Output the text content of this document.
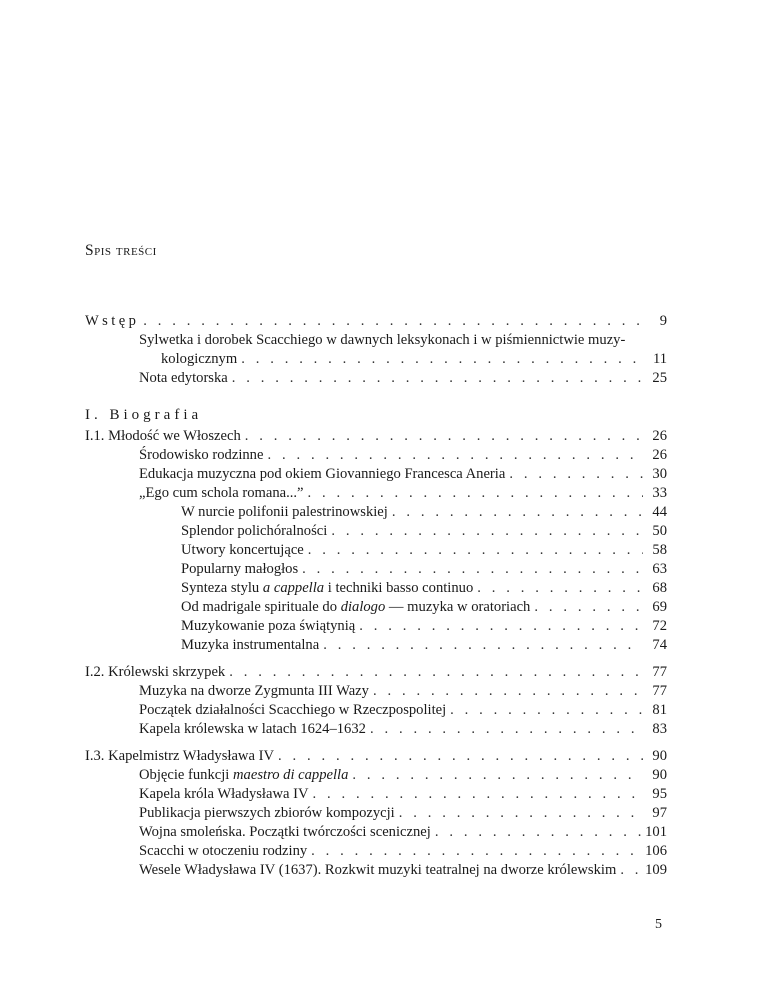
Spis treści
Wstęp . . .	9
Sylwetka i dorobek Scacchiego w dawnych leksykonach i w piśmiennictwie muzy-
kologicznym . . .	11
Nota edytorska . . .	25
I. Biografia
I.1. Młodość we Włoszech . . .	26
Środowisko rodzinne . . .	26
Edukacja muzyczna pod okiem Giovanniego Francesca Aneria . . .	30
„Ego cum schola romana...” . . .	33
W nurcie polifonii palestrinowskiej . . .	44
Splendor polichóralności . . .	50
Utwory koncertujące . . .	58
Popularny małogłos . . .	63
Synteza stylu a cappella i techniki basso continuo . . .	68
Od madrigale spirituale do dialogo — muzyka w oratoriach . . .	69
Muzykowanie poza świątynią . . .	72
Muzyka instrumentalna . . .	74
I.2. Królewski skrzypek . . .	77
Muzyka na dworze Zygmunta III Wazy . . .	77
Początek działalności Scacchiego w Rzeczpospolitej . . .	81
Kapela królewska w latach 1624–1632 . . .	83
I.3. Kapelmistrz Władysława IV . . .	90
Objęcie funkcji maestro di cappella . . .	90
Kapela króla Władysława IV . . .	95
Publikacja pierwszych zbiorów kompozycji . . .	97
Wojna smoleńska. Początki twórczości scenicznej . . .	101
Scacchi w otoczeniu rodziny . . .	106
Wesele Władysława IV (1637). Rozkwit muzyki teatralnej na dworze królewskim . . . 109
5
